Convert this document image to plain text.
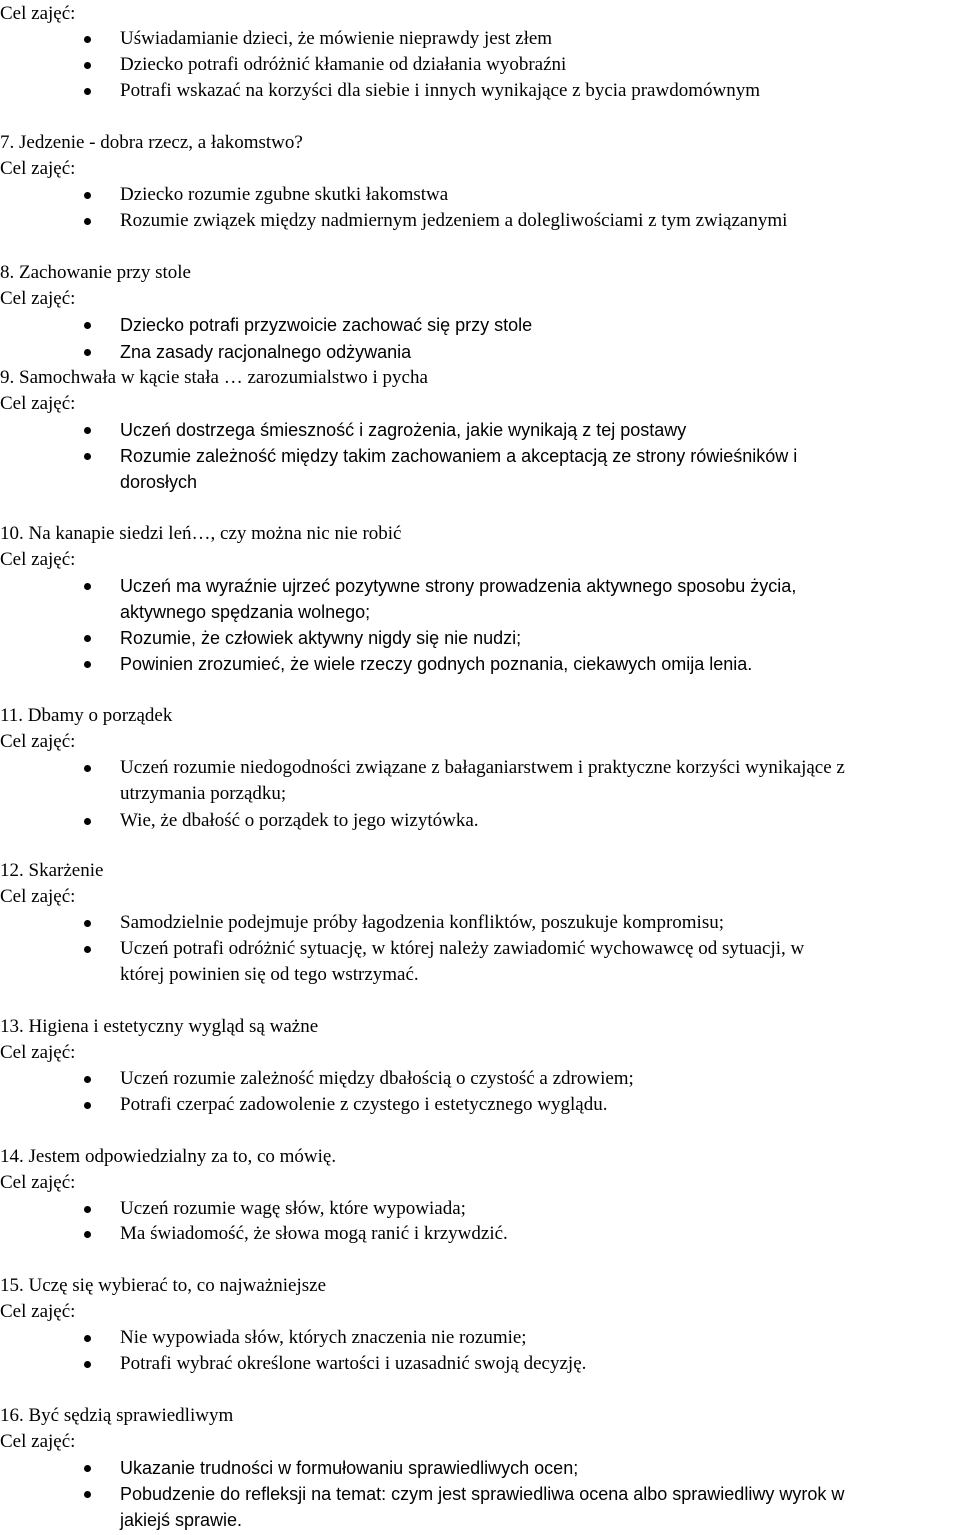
Cel zajęć:
Uświadamianie dzieci, że mówienie nieprawdy jest złem
Dziecko potrafi odróżnić kłamanie od działania wyobraźni
Potrafi wskazać na korzyści dla siebie i innych wynikające z bycia prawdomównym
7. Jedzenie - dobra rzecz, a łakomstwo?
Cel zajęć:
Dziecko rozumie zgubne skutki łakomstwa
Rozumie związek między nadmiernym jedzeniem a dolegliwościami z tym związanymi
8. Zachowanie przy stole
Cel zajęć:
Dziecko potrafi przyzwoicie zachować się przy stole
Zna zasady racjonalnego odżywania
9. Samochwała w kącie stała … zarozumialstwo i pycha
Cel zajęć:
Uczeń dostrzega śmieszność i zagrożenia, jakie wynikają z tej postawy
Rozumie zależność między takim zachowaniem a akceptacją ze strony rówieśników i
dorosłych
10. Na kanapie siedzi leń…, czy można nic nie robić
Cel zajęć:
Uczeń ma wyraźnie ujrzeć pozytywne strony prowadzenia aktywnego sposobu życia,
aktywnego spędzania wolnego;
Rozumie, że człowiek aktywny nigdy się nie nudzi;
Powinien zrozumieć, że wiele rzeczy godnych poznania, ciekawych omija lenia.
11. Dbamy o porządek
Cel zajęć:
Uczeń rozumie niedogodności związane z bałaganiarstwem i praktyczne korzyści wynikające z
utrzymania porządku;
Wie, że dbałość o porządek to jego wizytówka.
12. Skarżenie
Cel zajęć:
Samodzielnie podejmuje próby łagodzenia konfliktów, poszukuje kompromisu;
Uczeń potrafi odróżnić sytuację, w której należy zawiadomić wychowawcę od sytuacji, w
której powinien się od tego wstrzymać.
13. Higiena i estetyczny wygląd są ważne
Cel zajęć:
Uczeń rozumie zależność między dbałością o czystość a zdrowiem;
Potrafi czerpać zadowolenie z czystego i estetycznego wyglądu.
14. Jestem odpowiedzialny za to, co mówię.
Cel zajęć:
Uczeń rozumie wagę słów, które wypowiada;
Ma świadomość, że słowa mogą ranić i krzywdzić.
15. Uczę się wybierać to, co najważniejsze
Cel zajęć:
Nie wypowiada słów, których znaczenia nie rozumie;
Potrafi wybrać określone wartości i uzasadnić swoją decyzję.
16. Być sędzią sprawiedliwym
Cel zajęć:
Ukazanie trudności w formułowaniu sprawiedliwych ocen;
Pobudzenie do refleksji na temat: czym jest sprawiedliwa ocena albo sprawiedliwy wyrok w
jakiejś sprawie.
